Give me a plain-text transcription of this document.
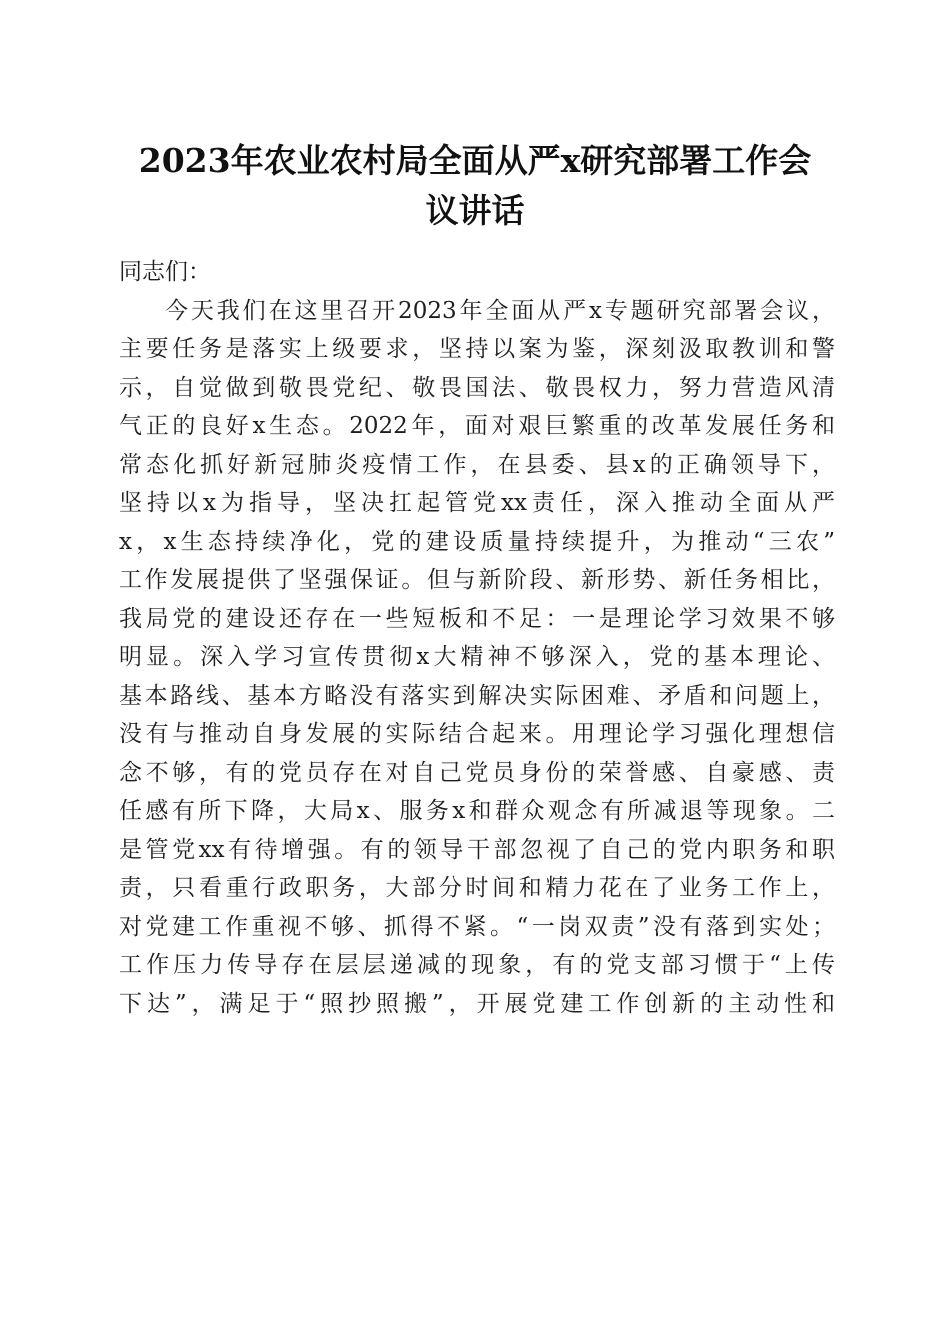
2023年农业农村局全面从严x研究部署工作会
议讲话
同志们：
今天我们在这里召开2023年全面从严x专题研究部署会议，
主要任务是落实上级要求，坚持以案为鉴，深刻汲取教训和警
示，自觉做到敬畏党纪、敬畏国法、敬畏权力，努力营造风清
气正的良好x生态。2022年，面对艰巨繁重的改革发展任务和
常态化抓好新冠肺炎疫情工作，在县委、县x的正确领导下，
坚持以x为指导，坚决扛起管党xx责任，深入推动全面从严
x，x生态持续净化，党的建设质量持续提升，为推动“三农”
工作发展提供了坚强保证。但与新阶段、新形势、新任务相比，
我局党的建设还存在一些短板和不足：一是理论学习效果不够
明显。深入学习宣传贯彻x大精神不够深入，党的基本理论、
基本路线、基本方略没有落实到解决实际困难、矛盾和问题上，
没有与推动自身发展的实际结合起来。用理论学习强化理想信
念不够，有的党员存在对自己党员身份的荣誉感、自豪感、责
任感有所下降，大局x、服务x和群众观念有所减退等现象。二
是管党xx有待增强。有的领导干部忽视了自己的党内职务和职
责，只看重行政职务，大部分时间和精力花在了业务工作上，
对党建工作重视不够、抓得不紧。“一岗双责”没有落到实处；
工作压力传导存在层层递减的现象，有的党支部习惯于“上传
下达”，满足于“照抄照搬”，开展党建工作创新的主动性和
